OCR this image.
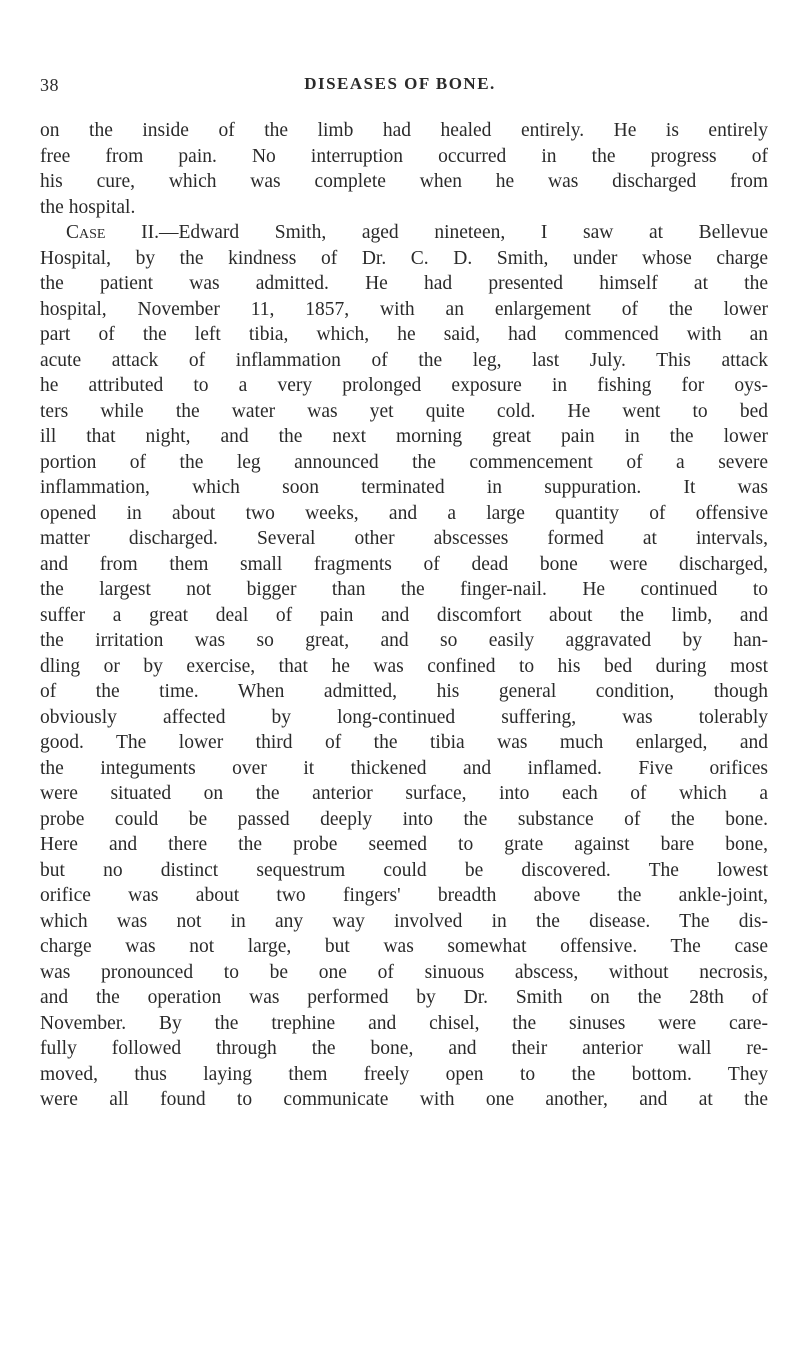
38	DISEASES OF BONE.
on the inside of the limb had healed entirely. He is entirely
free from pain. No interruption occurred in the progress of
his cure, which was complete when he was discharged from
the hospital.
Case II.—Edward Smith, aged nineteen, I saw at Bellevue
Hospital, by the kindness of Dr. C. D. Smith, under whose charge
the patient was admitted. He had presented himself at the
hospital, November 11, 1857, with an enlargement of the lower
part of the left tibia, which, he said, had commenced with an
acute attack of inflammation of the leg, last July. This attack
he attributed to a very prolonged exposure in fishing for oys-
ters while the water was yet quite cold. He went to bed
ill that night, and the next morning great pain in the lower
portion of the leg announced the commencement of a severe
inflammation, which soon terminated in suppuration. It was
opened in about two weeks, and a large quantity of offensive
matter discharged. Several other abscesses formed at intervals,
and from them small fragments of dead bone were discharged,
the largest not bigger than the finger-nail. He continued to
suffer a great deal of pain and discomfort about the limb, and
the irritation was so great, and so easily aggravated by han-
dling or by exercise, that he was confined to his bed during most
of the time. When admitted, his general condition, though
obviously affected by long-continued suffering, was tolerably
good. The lower third of the tibia was much enlarged, and
the integuments over it thickened and inflamed. Five orifices
were situated on the anterior surface, into each of which a
probe could be passed deeply into the substance of the bone.
Here and there the probe seemed to grate against bare bone,
but no distinct sequestrum could be discovered. The lowest
orifice was about two fingers' breadth above the ankle-joint,
which was not in any way involved in the disease. The dis-
charge was not large, but was somewhat offensive. The case
was pronounced to be one of sinuous abscess, without necrosis,
and the operation was performed by Dr. Smith on the 28th of
November. By the trephine and chisel, the sinuses were care-
fully followed through the bone, and their anterior wall re-
moved, thus laying them freely open to the bottom. They
were all found to communicate with one another, and at the
